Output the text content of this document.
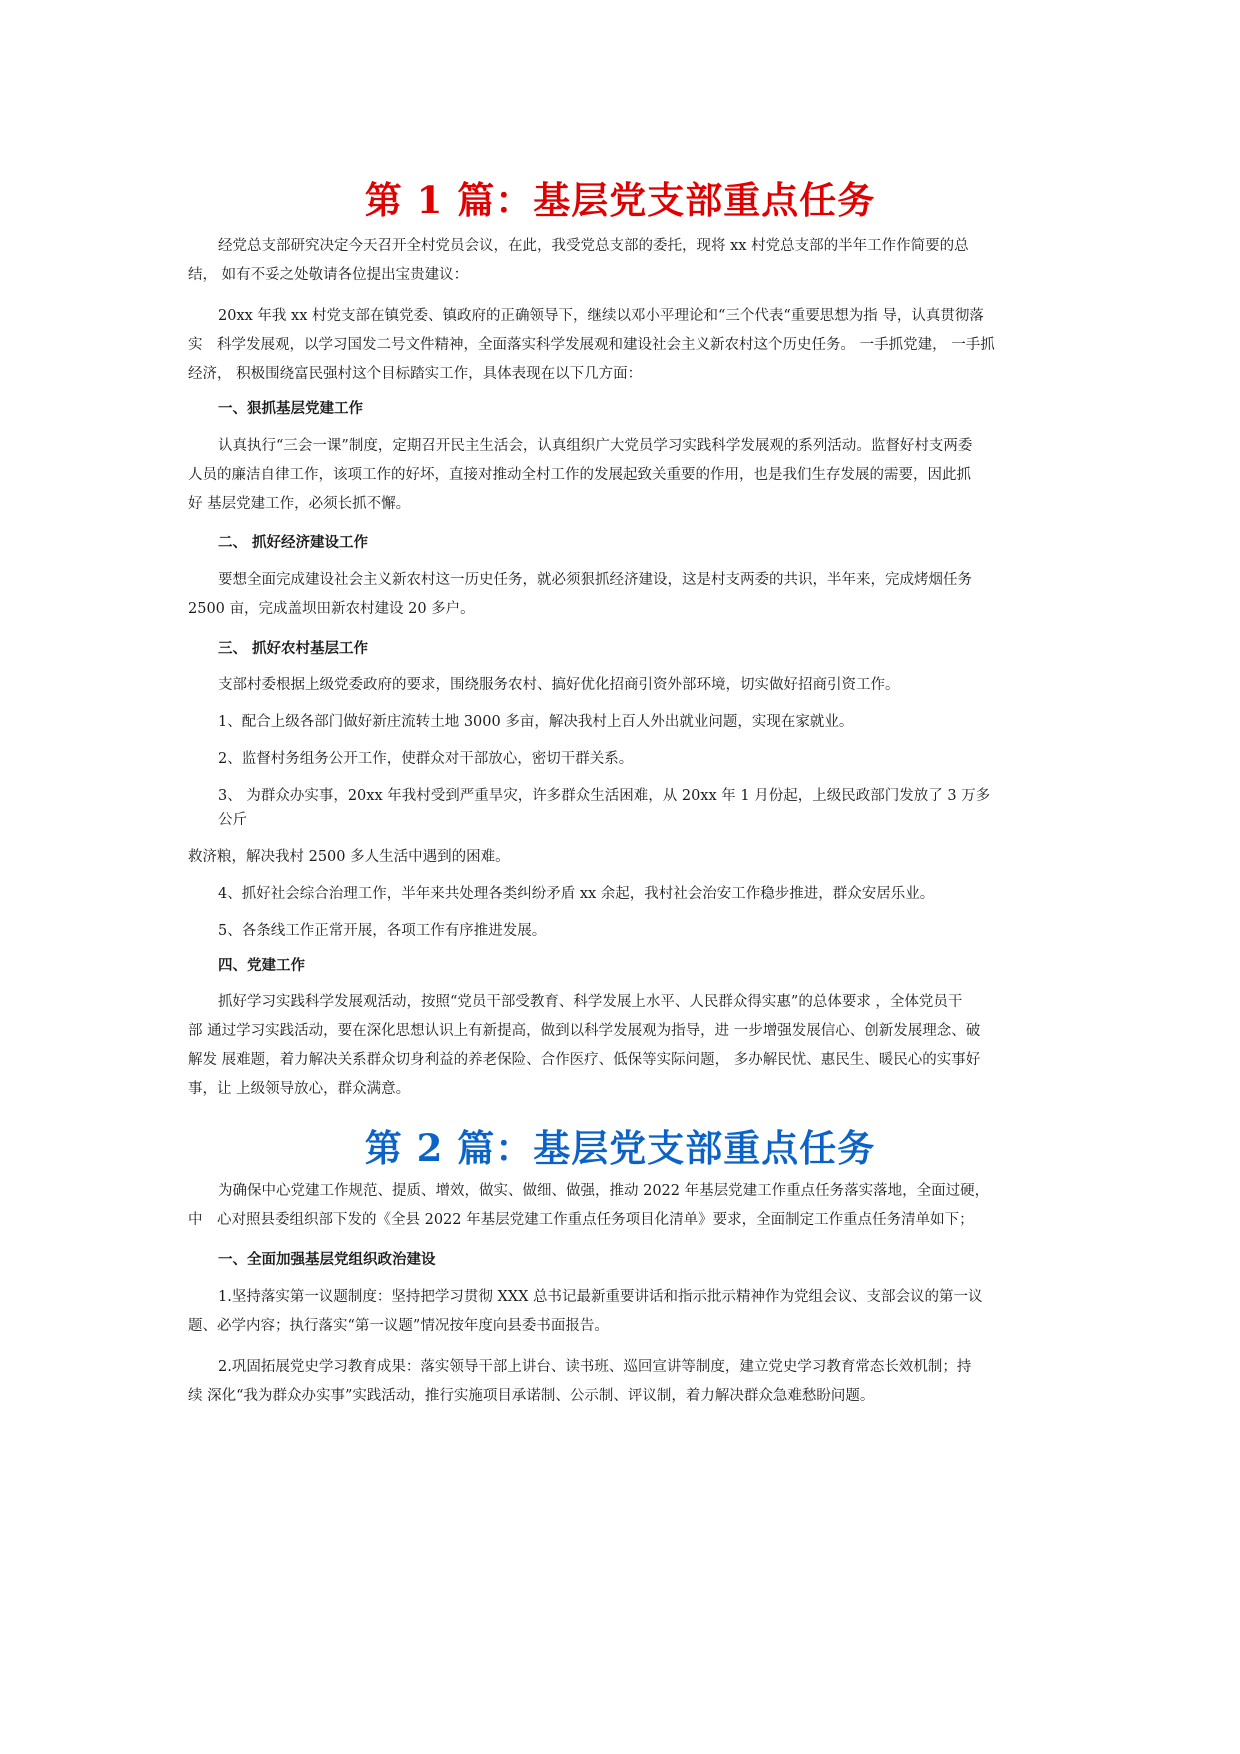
第 1 篇：基层党支部重点任务

经党总支部研究决定今天召开全村党员会议，在此，我受党总支部的委托，现将 xx 村党总支部的半年工作作简要的总
结， 如有不妥之处敬请各位提出宝贵建议：

20xx 年我 xx 村党支部在镇党委、镇政府的正确领导下，继续以邓小平理论和“三个代表“重要思想为指 导，认真贯彻落
实　科学发展观，以学习国发二号文件精神，全面落实科学发展观和建设社会主义新农村这个历史任务。 一手抓党建， 一手抓
经济， 积极围绕富民强村这个目标踏实工作，具体表现在以下几方面：

一、狠抓基层党建工作

认真执行“三会一课”制度，定期召开民主生活会，认真组织广大党员学习实践科学发展观的系列活动。监督好村支两委
人员的廉洁自律工作，该项工作的好坏，直接对推动全村工作的发展起致关重要的作用，也是我们生存发展的需要，因此抓
好 基层党建工作，必须长抓不懈。

二、 抓好经济建设工作

要想全面完成建设社会主义新农村这一历史任务，就必须狠抓经济建设，这是村支两委的共识，半年来，完成烤烟任务
2500 亩，完成盖坝田新农村建设 20 多户。

三、 抓好农村基层工作

支部村委根据上级党委政府的要求，围绕服务农村、搞好优化招商引资外部环境，切实做好招商引资工作。
1、配合上级各部门做好新庄流转土地 3000 多亩，解决我村上百人外出就业问题，实现在家就业。
2、监督村务组务公开工作，使群众对干部放心，密切干群关系。
3、 为群众办实事，20xx 年我村受到严重旱灾，许多群众生活困难，从 20xx 年 1 月份起，上级民政部门发放了 3 万多
公斤
救济粮，解决我村 2500 多人生活中遇到的困难。
4、抓好社会综合治理工作，半年来共处理各类纠纷矛盾 xx 余起，我村社会治安工作稳步推进，群众安居乐业。
5、各条线工作正常开展，各项工作有序推进发展。

四、党建工作

抓好学习实践科学发展观活动，按照“党员干部受教育、科学发展上水平、人民群众得实惠”的总体要求 ，全体党员干
部 通过学习实践活动，要在深化思想认识上有新提高，做到以科学发展观为指导，进 一步增强发展信心、创新发展理念、破
解发 展难题，着力解决关系群众切身利益的养老保险、合作医疗、低保等实际问题， 多办解民忧、惠民生、暖民心的实事好
事，让 上级领导放心，群众满意。

第 2 篇：基层党支部重点任务

为确保中心党建工作规范、提质、增效，做实、做细、做强，推动 2022 年基层党建工作重点任务落实落地，全面过硬，
中　心对照县委组织部下发的《全县 2022 年基层党建工作重点任务项目化清单》要求，全面制定工作重点任务清单如下；

一、全面加强基层党组织政治建设

1.坚持落实第一议题制度：坚持把学习贯彻 XXX 总书记最新重要讲话和指示批示精神作为党组会议、支部会议的第一议
题、必学内容；执行落实“第一议题”情况按年度向县委书面报告。

2.巩固拓展党史学习教育成果：落实领导干部上讲台、读书班、巡回宣讲等制度，建立党史学习教育常态长效机制；持
续 深化“我为群众办实事”实践活动，推行实施项目承诺制、公示制、评议制，着力解决群众急难愁盼问题。
